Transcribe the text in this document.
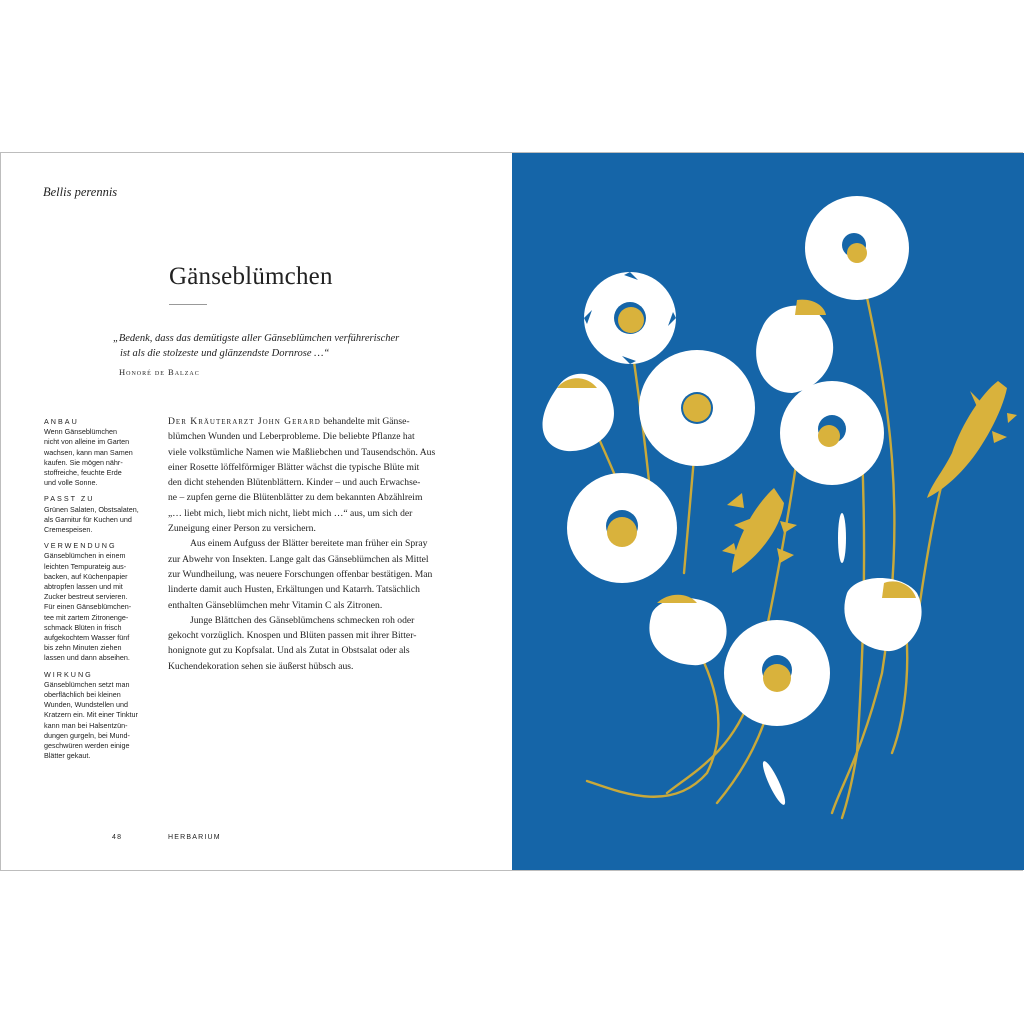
Bellis perennis
Gänseblümchen
„Bedenk, dass das demütigste aller Gänseblümchen verführerischer
ist als die stolzeste und glänzendste Dornrose …“
Honoré de Balzac
ANBAU

Wenn Gänseblümchen
nicht von alleine im Garten
wachsen, kann man Samen
kaufen. Sie mögen nähr-
stoffreiche, feuchte Erde
und volle Sonne.

PASST ZU

Grünen Salaten, Obstsalaten,
als Garnitur für Kuchen und
Cremespeisen.

VERWENDUNG

Gänseblümchen in einem
leichten Tempurateig aus-
backen, auf Küchenpapier
abtropfen lassen und mit
Zucker bestreut servieren.
Für einen Gänseblümchen-
tee mit zartem Zitronenge-
schmack Blüten in frisch
aufgekochtem Wasser fünf
bis zehn Minuten ziehen
lassen und dann abseihen.

WIRKUNG

Gänseblümchen setzt man
oberflächlich bei kleinen
Wunden, Wundstellen und
Kratzern ein. Mit einer Tinktur
kann man bei Halsentzün-
dungen gurgeln, bei Mund-
geschwüren werden einige
Blätter gekaut.

Der Kräuterarzt John Gerard behandelte mit Gänse-
blümchen Wunden und Leberprobleme. Die beliebte Pflanze hat
viele volkstümliche Namen wie Maßliebchen und Tausendschön. Aus
einer Rosette löffelförmiger Blätter wächst die typische Blüte mit
den dicht stehenden Blütenblättern. Kinder – und auch Erwachse-
ne – zupfen gerne die Blütenblätter zu dem bekannten Abzählreim
„… liebt mich, liebt mich nicht, liebt mich …“ aus, um sich der
Zuneigung einer Person zu versichern.

Aus einem Aufguss der Blätter bereitete man früher ein Spray
zur Abwehr von Insekten. Lange galt das Gänseblümchen als Mittel
zur Wundheilung, was neuere Forschungen offenbar bestätigen. Man
linderte damit auch Husten, Erkältungen und Katarrh. Tatsächlich
enthalten Gänseblümchen mehr Vitamin C als Zitronen.

Junge Blättchen des Gänseblümchens schmecken roh oder
gekocht vorzüglich. Knospen und Blüten passen mit ihrer Bitter-
honignote gut zu Kopfsalat. Und als Zutat in Obstsalat oder als
Kuchendekoration sehen sie äußerst hübsch aus.

48	HERBARIUM
